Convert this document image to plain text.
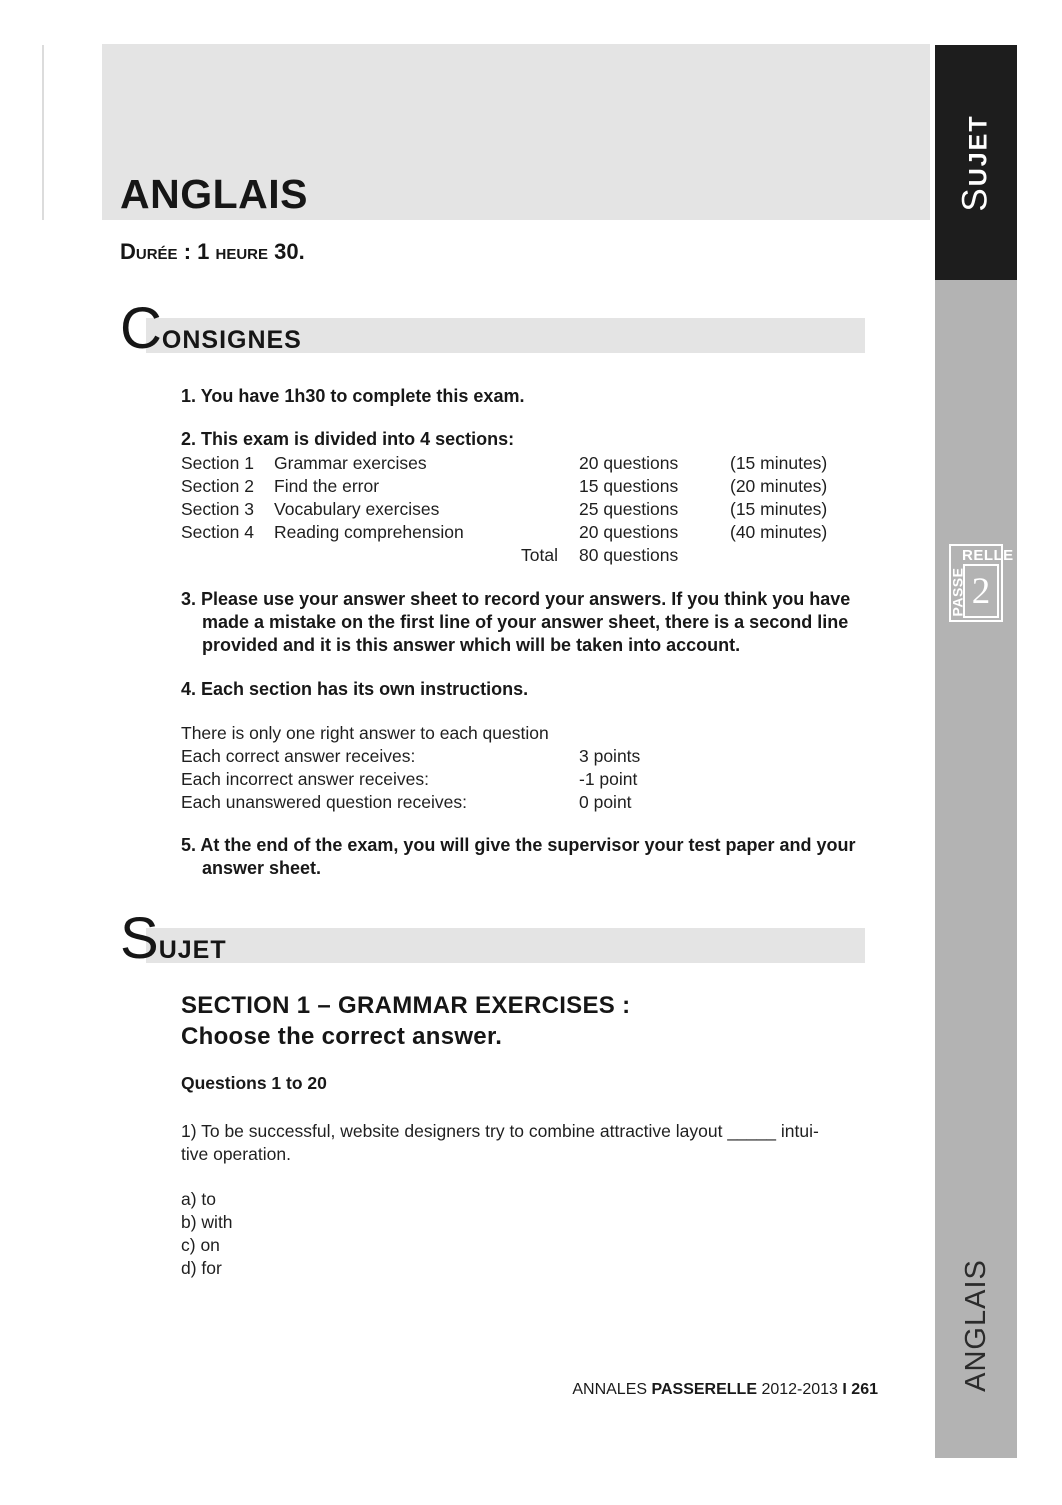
ANGLAIS
DURÉE : 1 HEURE 30.
SUJET
RELLE
PASSE 2
ANGLAIS
CONSIGNES
1. You have 1h30 to complete this exam.
2. This exam is divided into 4 sections:
Section 1 Grammar exercises	20 questions	(15 minutes)
Section 2 Find the error	15 questions	(20 minutes)
Section 3 Vocabulary exercises	25 questions	(15 minutes)
Section 4 Reading comprehension	20 questions	(40 minutes)
Total 80 questions
3. Please use your answer sheet to record your answers. If you think you have
made a mistake on the first line of your answer sheet, there is a second line
provided and it is this answer which will be taken into account.
4. Each section has its own instructions.
There is only one right answer to each question
Each correct answer receives:	3 points
Each incorrect answer receives:	-1 point
Each unanswered question receives:	0 point
5. At the end of the exam, you will give the supervisor your test paper and your
answer sheet.
SUJET
SECTION 1 – GRAMMAR EXERCISES :
Choose the correct answer.
Questions 1 to 20
1) To be successful, website designers try to combine attractive layout _____ intui-
tive operation.
a) to
b) with
c) on
d) for
ANNALES PASSERELLE 2012-2013 I 261
